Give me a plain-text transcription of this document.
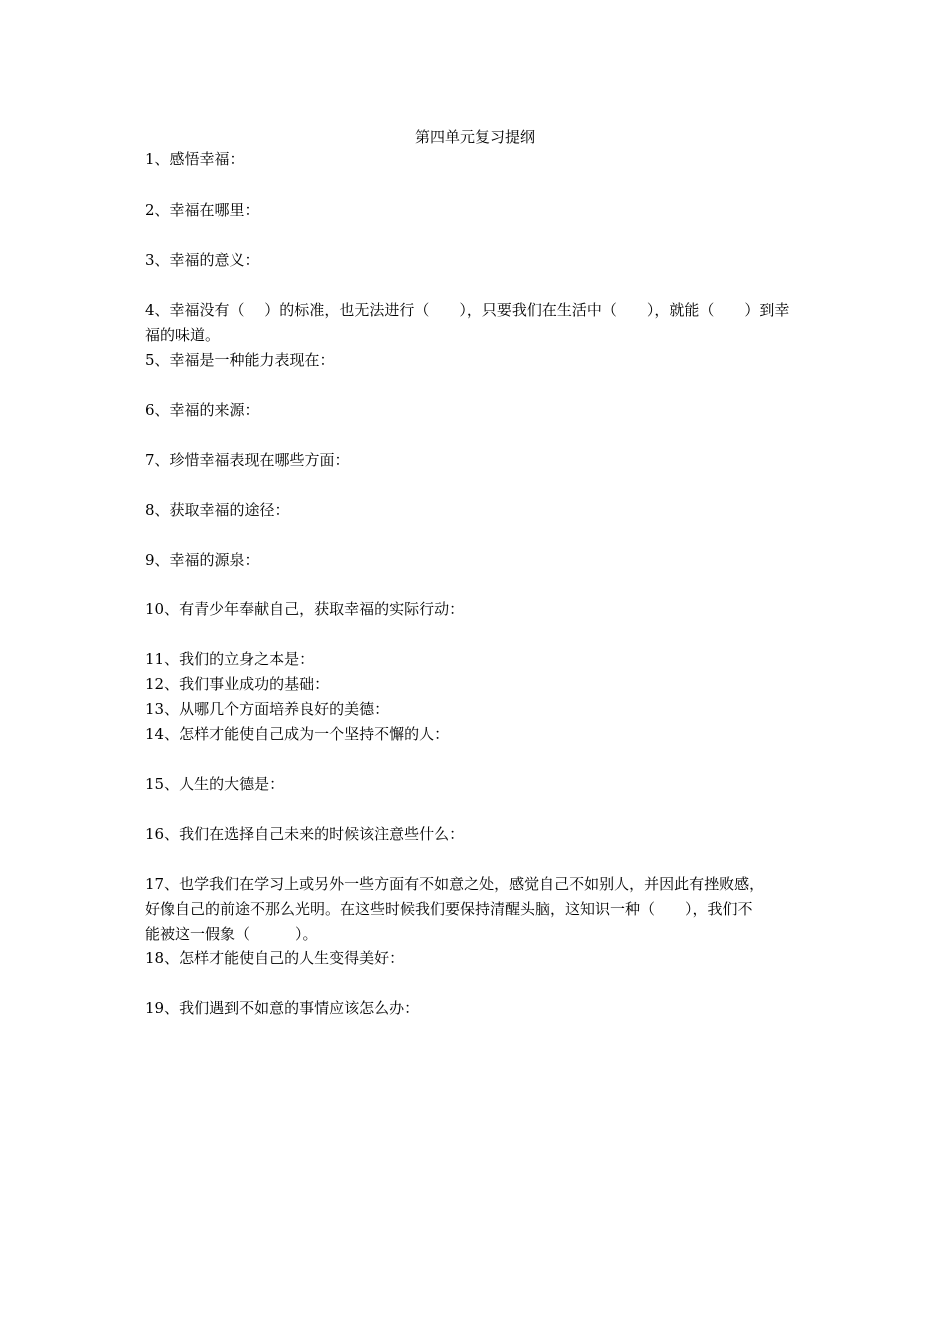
第四单元复习提纲

1、感悟幸福：

2、幸福在哪里：

3、幸福的意义：

4、幸福没有（　 ）的标准，也无法进行（　　），只要我们在生活中（　　），就能（　　）到幸
福的味道。

5、幸福是一种能力表现在：

6、幸福的来源：

7、珍惜幸福表现在哪些方面：

8、获取幸福的途径：

9、幸福的源泉：

10、有青少年奉献自己，获取幸福的实际行动：

11、我们的立身之本是：

12、我们事业成功的基础：

13、从哪几个方面培养良好的美德：

14、怎样才能使自己成为一个坚持不懈的人：

15、人生的大德是：

16、我们在选择自己未来的时候该注意些什么：

17、也学我们在学习上或另外一些方面有不如意之处，感觉自己不如别人，并因此有挫败感，
好像自己的前途不那么光明。在这些时候我们要保持清醒头脑，这知识一种（　　），我们不
能被这一假象（　　　）。

18、怎样才能使自己的人生变得美好：

19、我们遇到不如意的事情应该怎么办：
